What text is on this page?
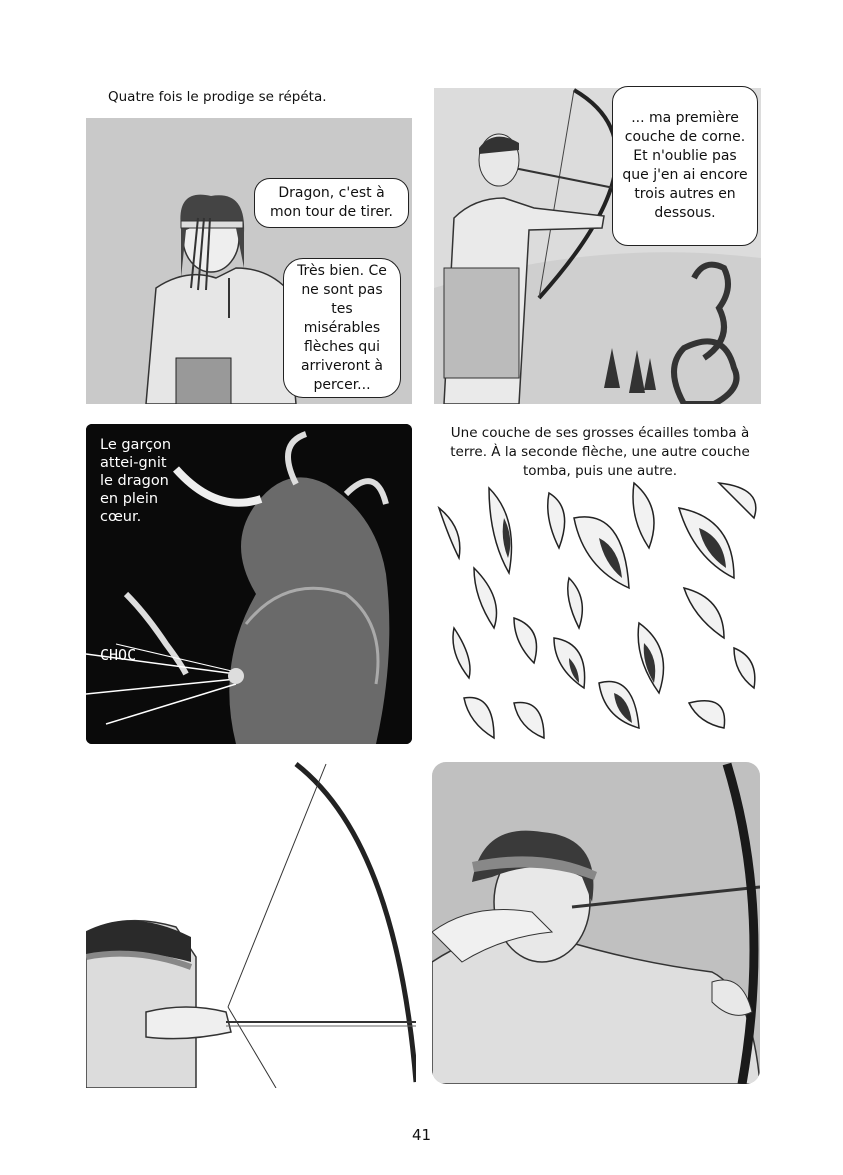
Quatre fois le prodige se répéta.
Dragon, c'est à mon tour de tirer.
Très bien. Ce ne sont pas tes misérables flèches qui arriveront à percer...
... ma première couche de corne. Et n'oublie pas que j'en ai encore trois autres en dessous.
Le garçon attei-gnit le dragon en plein cœur.
CHOC
Une couche de ses grosses écailles tomba à terre. À la seconde flèche, une autre couche tomba, puis une autre.
41
